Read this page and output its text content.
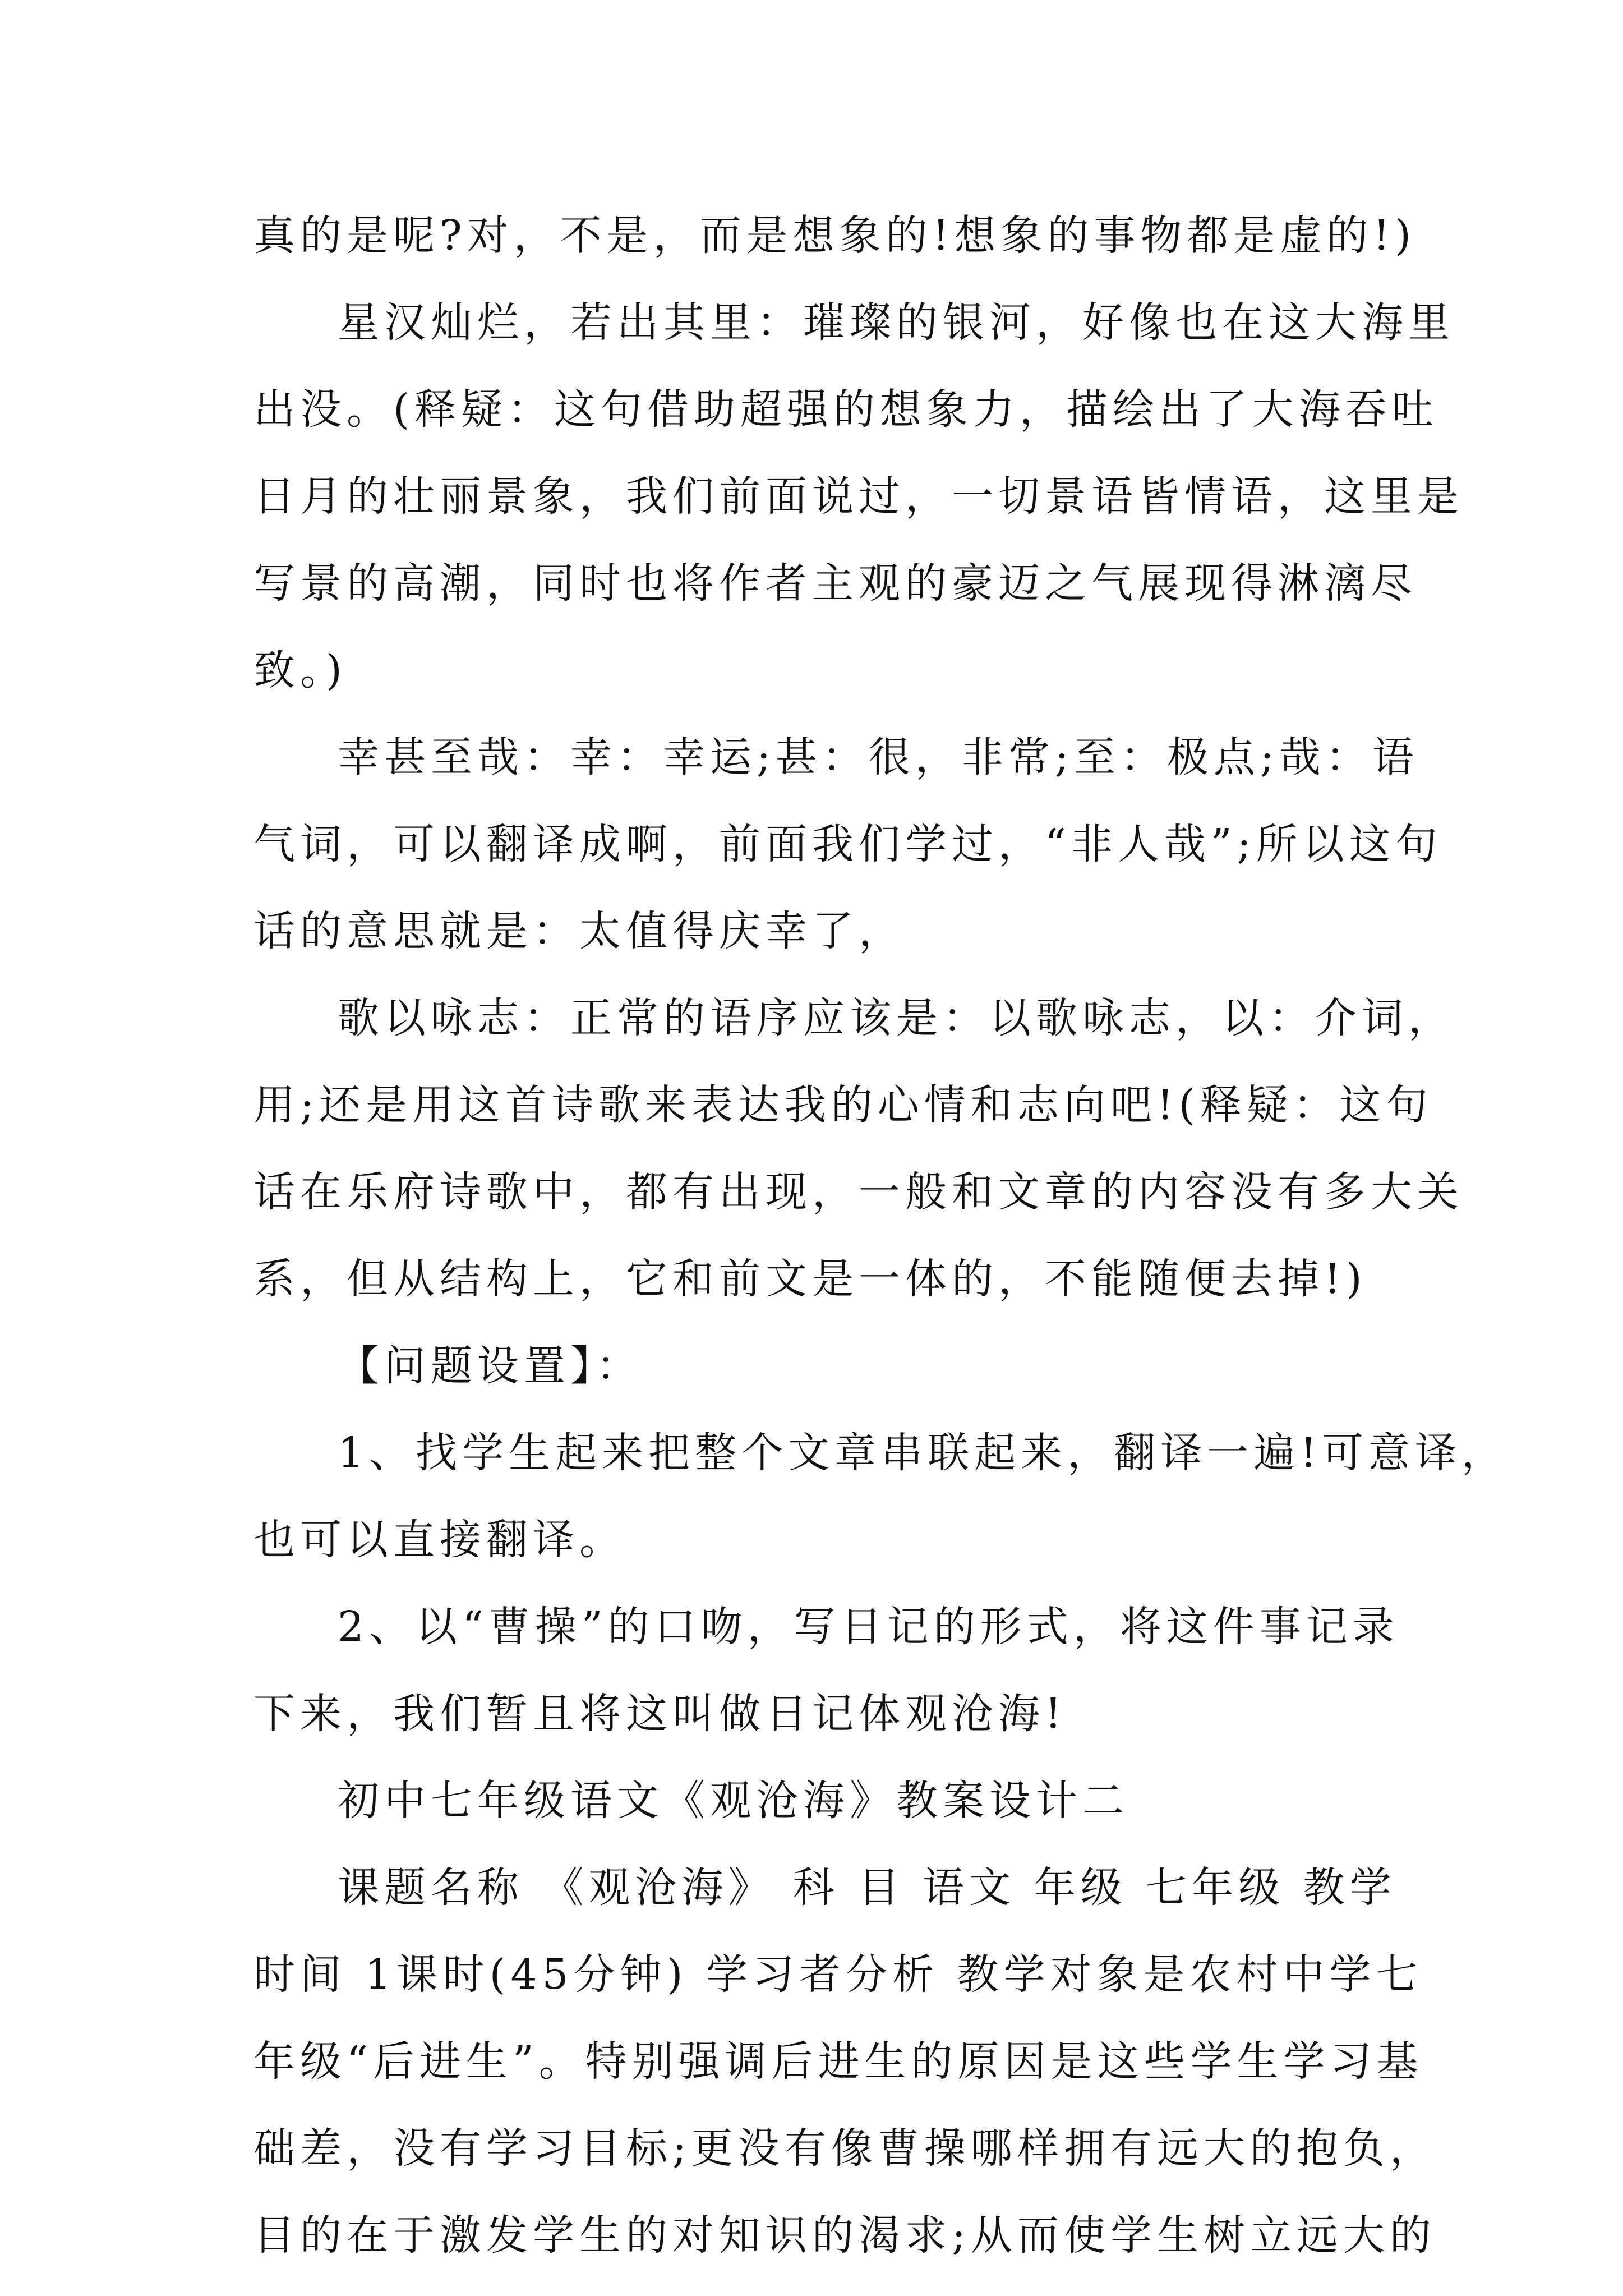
真的是呢?对，不是，而是想象的!想象的事物都是虚的!)

星汉灿烂，若出其里：璀璨的银河，好像也在这大海里

出没。(释疑：这句借助超强的想象力，描绘出了大海吞吐

日月的壮丽景象，我们前面说过，一切景语皆情语，这里是

写景的高潮，同时也将作者主观的豪迈之气展现得淋漓尽

致。)

幸甚至哉：幸：幸运;甚：很，非常;至：极点;哉：语

气词，可以翻译成啊，前面我们学过，“非人哉”;所以这句

话的意思就是：太值得庆幸了，

歌以咏志：正常的语序应该是：以歌咏志，以：介词，

用;还是用这首诗歌来表达我的心情和志向吧!(释疑：这句

话在乐府诗歌中，都有出现，一般和文章的内容没有多大关

系，但从结构上，它和前文是一体的，不能随便去掉!)

【问题设置】：

1、找学生起来把整个文章串联起来，翻译一遍!可意译，

也可以直接翻译。

2、以“曹操”的口吻，写日记的形式，将这件事记录

下来，我们暂且将这叫做日记体观沧海!

初中七年级语文《观沧海》教案设计二

课题名称 《观沧海》 科 目 语文 年级 七年级 教学

时间 1课时(45分钟) 学习者分析 教学对象是农村中学七

年级“后进生”。特别强调后进生的原因是这些学生学习基

础差，没有学习目标;更没有像曹操哪样拥有远大的抱负，

目的在于激发学生的对知识的渴求;从而使学生树立远大的
